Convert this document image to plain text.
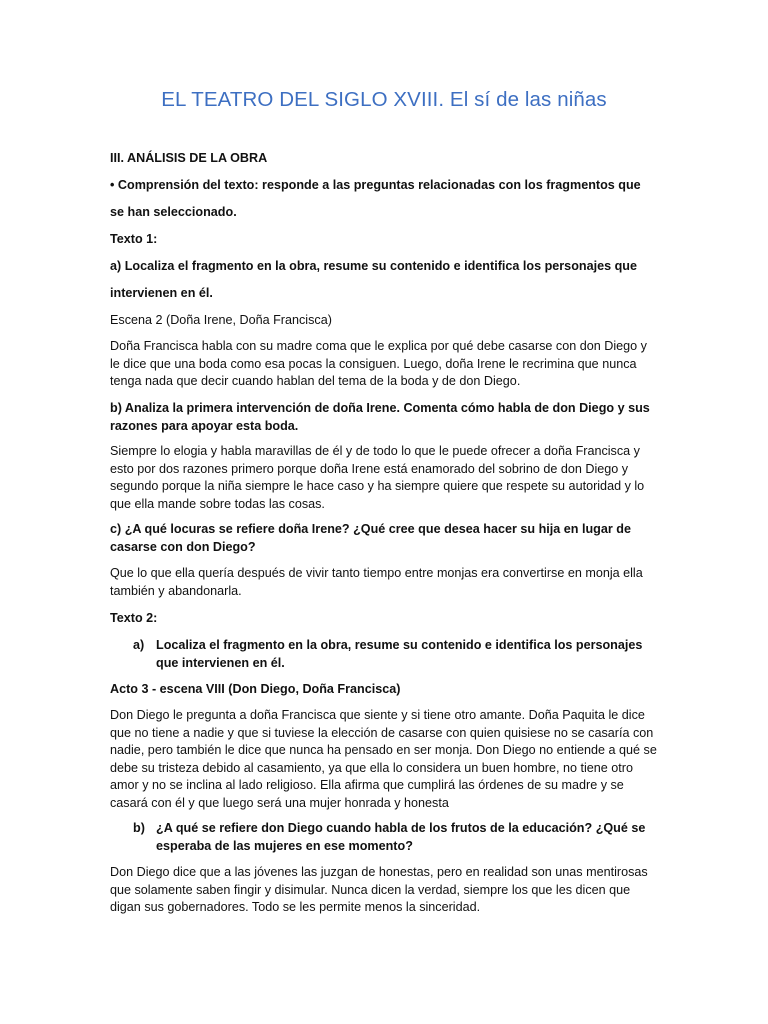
EL TEATRO DEL SIGLO XVIII. El sí de las niñas
III. ANÁLISIS DE LA OBRA
• Comprensión del texto: responde a las preguntas relacionadas con los fragmentos que
se han seleccionado.
Texto 1:
a) Localiza el fragmento en la obra, resume su contenido e identifica los personajes que
intervienen en él.
Escena 2 (Doña Irene, Doña Francisca)
Doña Francisca habla con su madre coma que le explica por qué debe casarse con don Diego y le dice que una boda como esa pocas la consiguen. Luego, doña Irene le recrimina que nunca tenga nada que decir cuando hablan del tema de la boda y de don Diego.
b) Analiza la primera intervención de doña Irene. Comenta cómo habla de don Diego y sus razones para apoyar esta boda.
Siempre lo elogia y habla maravillas de él y de todo lo que le puede ofrecer a doña Francisca y esto por dos razones primero porque doña Irene está enamorado del sobrino de don Diego y segundo porque la niña siempre le hace caso y ha siempre quiere que respete su autoridad y lo que ella mande sobre todas las cosas.
c) ¿A qué locuras se refiere doña Irene? ¿Qué cree que desea hacer su hija en lugar de casarse con don Diego?
Que lo que ella quería después de vivir tanto tiempo entre monjas era convertirse en monja ella también y abandonarla.
Texto 2:
a) Localiza el fragmento en la obra, resume su contenido e identifica los personajes que intervienen en él.
Acto 3 - escena VIII (Don Diego, Doña Francisca)
Don Diego le pregunta a doña Francisca que siente y si tiene otro amante. Doña Paquita le dice que no tiene a nadie y que si tuviese la elección de casarse con quien quisiese no se casaría con nadie, pero también le dice que nunca ha pensado en ser monja. Don Diego no entiende a qué se debe su tristeza debido al casamiento, ya que ella lo considera un buen hombre, no tiene otro amor y no se inclina al lado religioso. Ella afirma que cumplirá las órdenes de su madre y se casará con él y que luego será una mujer honrada y honesta
b) ¿A qué se refiere don Diego cuando habla de los frutos de la educación? ¿Qué se esperaba de las mujeres en ese momento?
Don Diego dice que a las jóvenes las juzgan de honestas, pero en realidad son unas mentirosas que solamente saben fingir y disimular. Nunca dicen la verdad, siempre los que les dicen que digan sus gobernadores. Todo se les permite menos la sinceridad.
